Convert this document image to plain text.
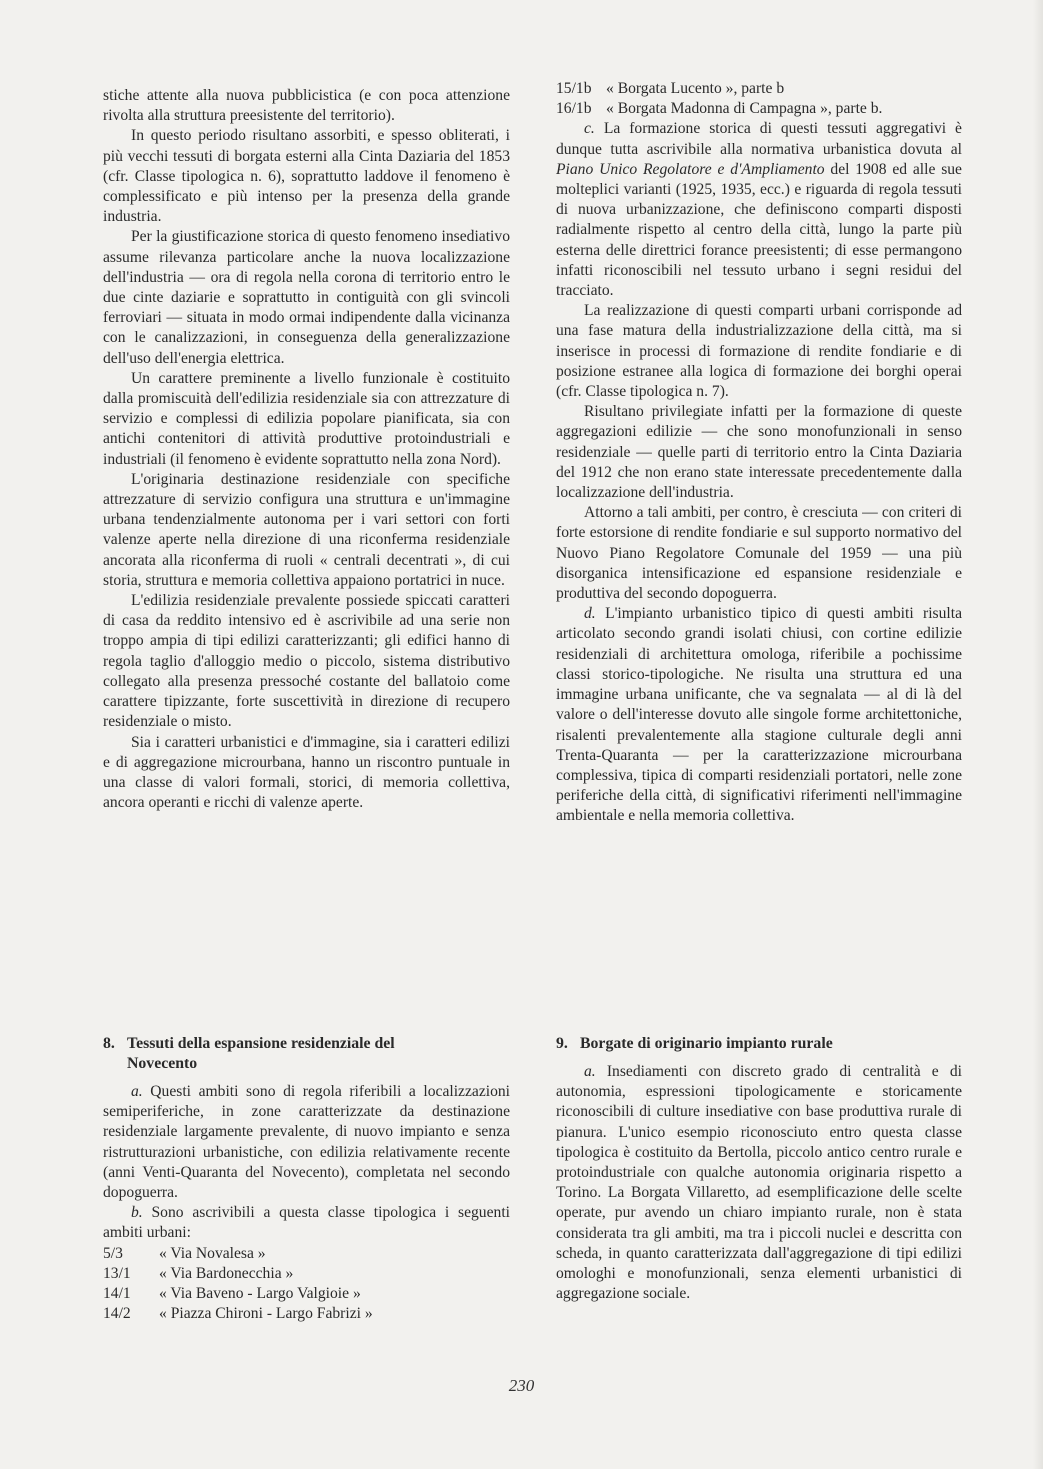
stiche attente alla nuova pubblicistica (e con poca attenzione rivolta alla struttura preesistente del territorio).

In questo periodo risultano assorbiti, e spesso obliterati, i più vecchi tessuti di borgata esterni alla Cinta Daziaria del 1853 (cfr. Classe tipologica n. 6), soprattutto laddove il fenomeno è complessificato e più intenso per la presenza della grande industria.

Per la giustificazione storica di questo fenomeno insediativo assume rilevanza particolare anche la nuova localizzazione dell'industria — ora di regola nella corona di territorio entro le due cinte daziarie e soprattutto in contiguità con gli svincoli ferroviari — situata in modo ormai indipendente dalla vicinanza con le canalizzazioni, in conseguenza della generalizzazione dell'uso dell'energia elettrica.

Un carattere preminente a livello funzionale è costituito dalla promiscuità dell'edilizia residenziale sia con attrezzature di servizio e complessi di edilizia popolare pianificata, sia con antichi contenitori di attività produttive protoindustriali e industriali (il fenomeno è evidente soprattutto nella zona Nord).

L'originaria destinazione residenziale con specifiche attrezzature di servizio configura una struttura e un'immagine urbana tendenzialmente autonoma per i vari settori con forti valenze aperte nella direzione di una riconferma residenziale ancorata alla riconferma di ruoli « centrali decentrati », di cui storia, struttura e memoria collettiva appaiono portatrici in nuce.

L'edilizia residenziale prevalente possiede spiccati caratteri di casa da reddito intensivo ed è ascrivibile ad una serie non troppo ampia di tipi edilizi caratterizzanti; gli edifici hanno di regola taglio d'alloggio medio o piccolo, sistema distributivo collegato alla presenza pressoché costante del ballatoio come carattere tipizzante, forte suscettività in direzione di recupero residenziale o misto.

Sia i caratteri urbanistici e d'immagine, sia i caratteri edilizi e di aggregazione microurbana, hanno un riscontro puntuale in una classe di valori formali, storici, di memoria collettiva, ancora operanti e ricchi di valenze aperte.

15/1b	« Borgata Lucento », parte b
16/1b	« Borgata Madonna di Campagna », parte b.

c. La formazione storica di questi tessuti aggregativi è dunque tutta ascrivibile alla normativa urbanistica dovuta al Piano Unico Regolatore e d'Ampliamento del 1908 ed alle sue molteplici varianti (1925, 1935, ecc.) e riguarda di regola tessuti di nuova urbanizzazione, che definiscono comparti disposti radialmente rispetto al centro della città, lungo la parte più esterna delle direttrici forance preesistenti; di esse permangono infatti riconoscibili nel tessuto urbano i segni residui del tracciato.

La realizzazione di questi comparti urbani corrisponde ad una fase matura della industrializzazione della città, ma si inserisce in processi di formazione di rendite fondiarie e di posizione estranee alla logica di formazione dei borghi operai (cfr. Classe tipologica n. 7).

Risultano privilegiate infatti per la formazione di queste aggregazioni edilizie — che sono monofunzionali in senso residenziale — quelle parti di territorio entro la Cinta Daziaria del 1912 che non erano state interessate precedentemente dalla localizzazione dell'industria.

Attorno a tali ambiti, per contro, è cresciuta — con criteri di forte estorsione di rendite fondiarie e sul supporto normativo del Nuovo Piano Regolatore Comunale del 1959 — una più disorganica intensificazione ed espansione residenziale e produttiva del secondo dopoguerra.

d. L'impianto urbanistico tipico di questi ambiti risulta articolato secondo grandi isolati chiusi, con cortine edilizie residenziali di architettura omologa, riferibile a pochissime classi storico-tipologiche. Ne risulta una struttura ed una immagine urbana unificante, che va segnalata — al di là del valore o dell'interesse dovuto alle singole forme architettoniche, risalenti prevalentemente alla stagione culturale degli anni Trenta-Quaranta — per la caratterizzazione microurbana complessiva, tipica di comparti residenziali portatori, nelle zone periferiche della città, di significativi riferimenti nell'immagine ambientale e nella memoria collettiva.

8. Tessuti della espansione residenziale del
Novecento

a. Questi ambiti sono di regola riferibili a localizzazioni semiperiferiche, in zone caratterizzate da destinazione residenziale largamente prevalente, di nuovo impianto e senza ristrutturazioni urbanistiche, con edilizia relativamente recente (anni Venti-Quaranta del Novecento), completata nel secondo dopoguerra.

b. Sono ascrivibili a questa classe tipologica i seguenti ambiti urbani:

5/3	« Via Novalesa »
13/1	« Via Bardonecchia »
14/1	« Via Baveno - Largo Valgioie »
14/2	« Piazza Chironi - Largo Fabrizi »
9. Borgate di originario impianto rurale

a. Insediamenti con discreto grado di centralità e di autonomia, espressioni tipologicamente e storicamente riconoscibili di culture insediative con base produttiva rurale di pianura. L'unico esempio riconosciuto entro questa classe tipologica è costituito da Bertolla, piccolo antico centro rurale e protoindustriale con qualche autonomia originaria rispetto a Torino. La Borgata Villaretto, ad esemplificazione delle scelte operate, pur avendo un chiaro impianto rurale, non è stata considerata tra gli ambiti, ma tra i piccoli nuclei e descritta con scheda, in quanto caratterizzata dall'aggregazione di tipi edilizi omologhi e monofunzionali, senza elementi urbanistici di aggregazione sociale.

230
